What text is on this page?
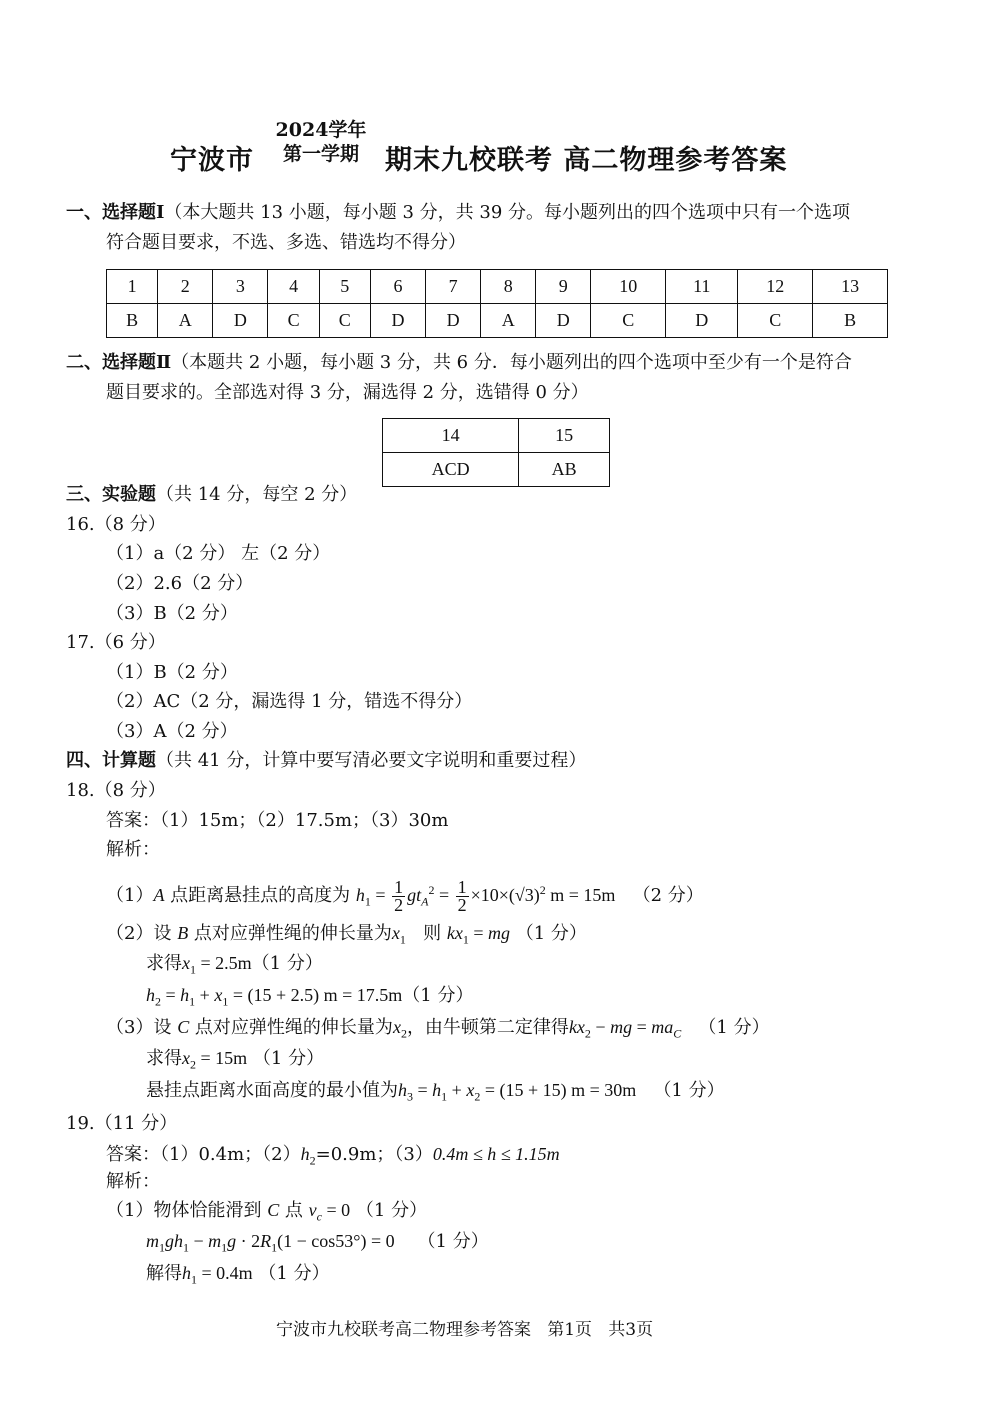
宁波市
2024学年
第一学期 期末九校联考 高二物理参考答案
一、选择题Ⅰ（本大题共 13 小题，每小题 3 分，共 39 分。每小题列出的四个选项中只有一个选项
符合题目要求，不选、多选、错选均不得分）
1	2	3	4	5	6	7	8	9	10	11	12	13
B	A	D	C	C	D	D	A	D	C	D	C	B
二、选择题Ⅱ（本题共 2 小题，每小题 3 分，共 6 分．每小题列出的四个选项中至少有一个是符合
题目要求的。全部选对得 3 分，漏选得 2 分，选错得 0 分）
14	15
ACD	AB
三、实验题（共 14 分，每空 2 分）
16.（8 分）
（1）a（2 分） 左（2 分）
（2）2.6（2 分）
（3）B（2 分）
17.（6 分）
（1）B（2 分）
（2）AC（2 分，漏选得 1 分，错选不得分）
（3）A（2 分）
四、计算题（共 41 分，计算中要写清必要文字说明和重要过程）
18.（8 分）
答案：（1）15m；（2）17.5m；（3）30m
解析：
（1）A 点距离悬挂点的高度为 $h_1 = \frac{1}{2} gt_A^2 = \frac{1}{2} \times 10\times(√3)^2$ m = 15m （2 分）
（2）设 B 点对应弹性绳的伸长量为$x_1$ 则 $kx_1$ = mg （1 分）
求得$x_1 = 2.5m(1$ 分）
$h_2 = h_1 + x_1 = (15 + 2.5) m = 17.5m(1$ 分）
（3）设 C 点对应弹性绳的伸长量为$x_2$，由牛顿第二定律得$kx_2$ − mg = $ma_C$ （1 分）
求得$x_2 = 15m$ （1 分）
悬挂点距离水面高度的最小值为$h_3 = h_1 + x_2 = (15 + 15) m = 30m$ （1 分）
19.（11 分）
答案：（1）0.4m；$(2)h_2=0.9m$；（3）0.4m ≤ h ≤ 1.15m
解析：
（1）物体恰能滑到 C 点 $v_c = 0$ （1 分）
$m_1gh_1 - m_1g \cdot 2R_1(1 - \cos 53^\circ) = 0$ （1 分）
解得$h_1 = 0.4m$ （1 分）
宁波市九校联考高二物理参考答案 第1页 共3页
